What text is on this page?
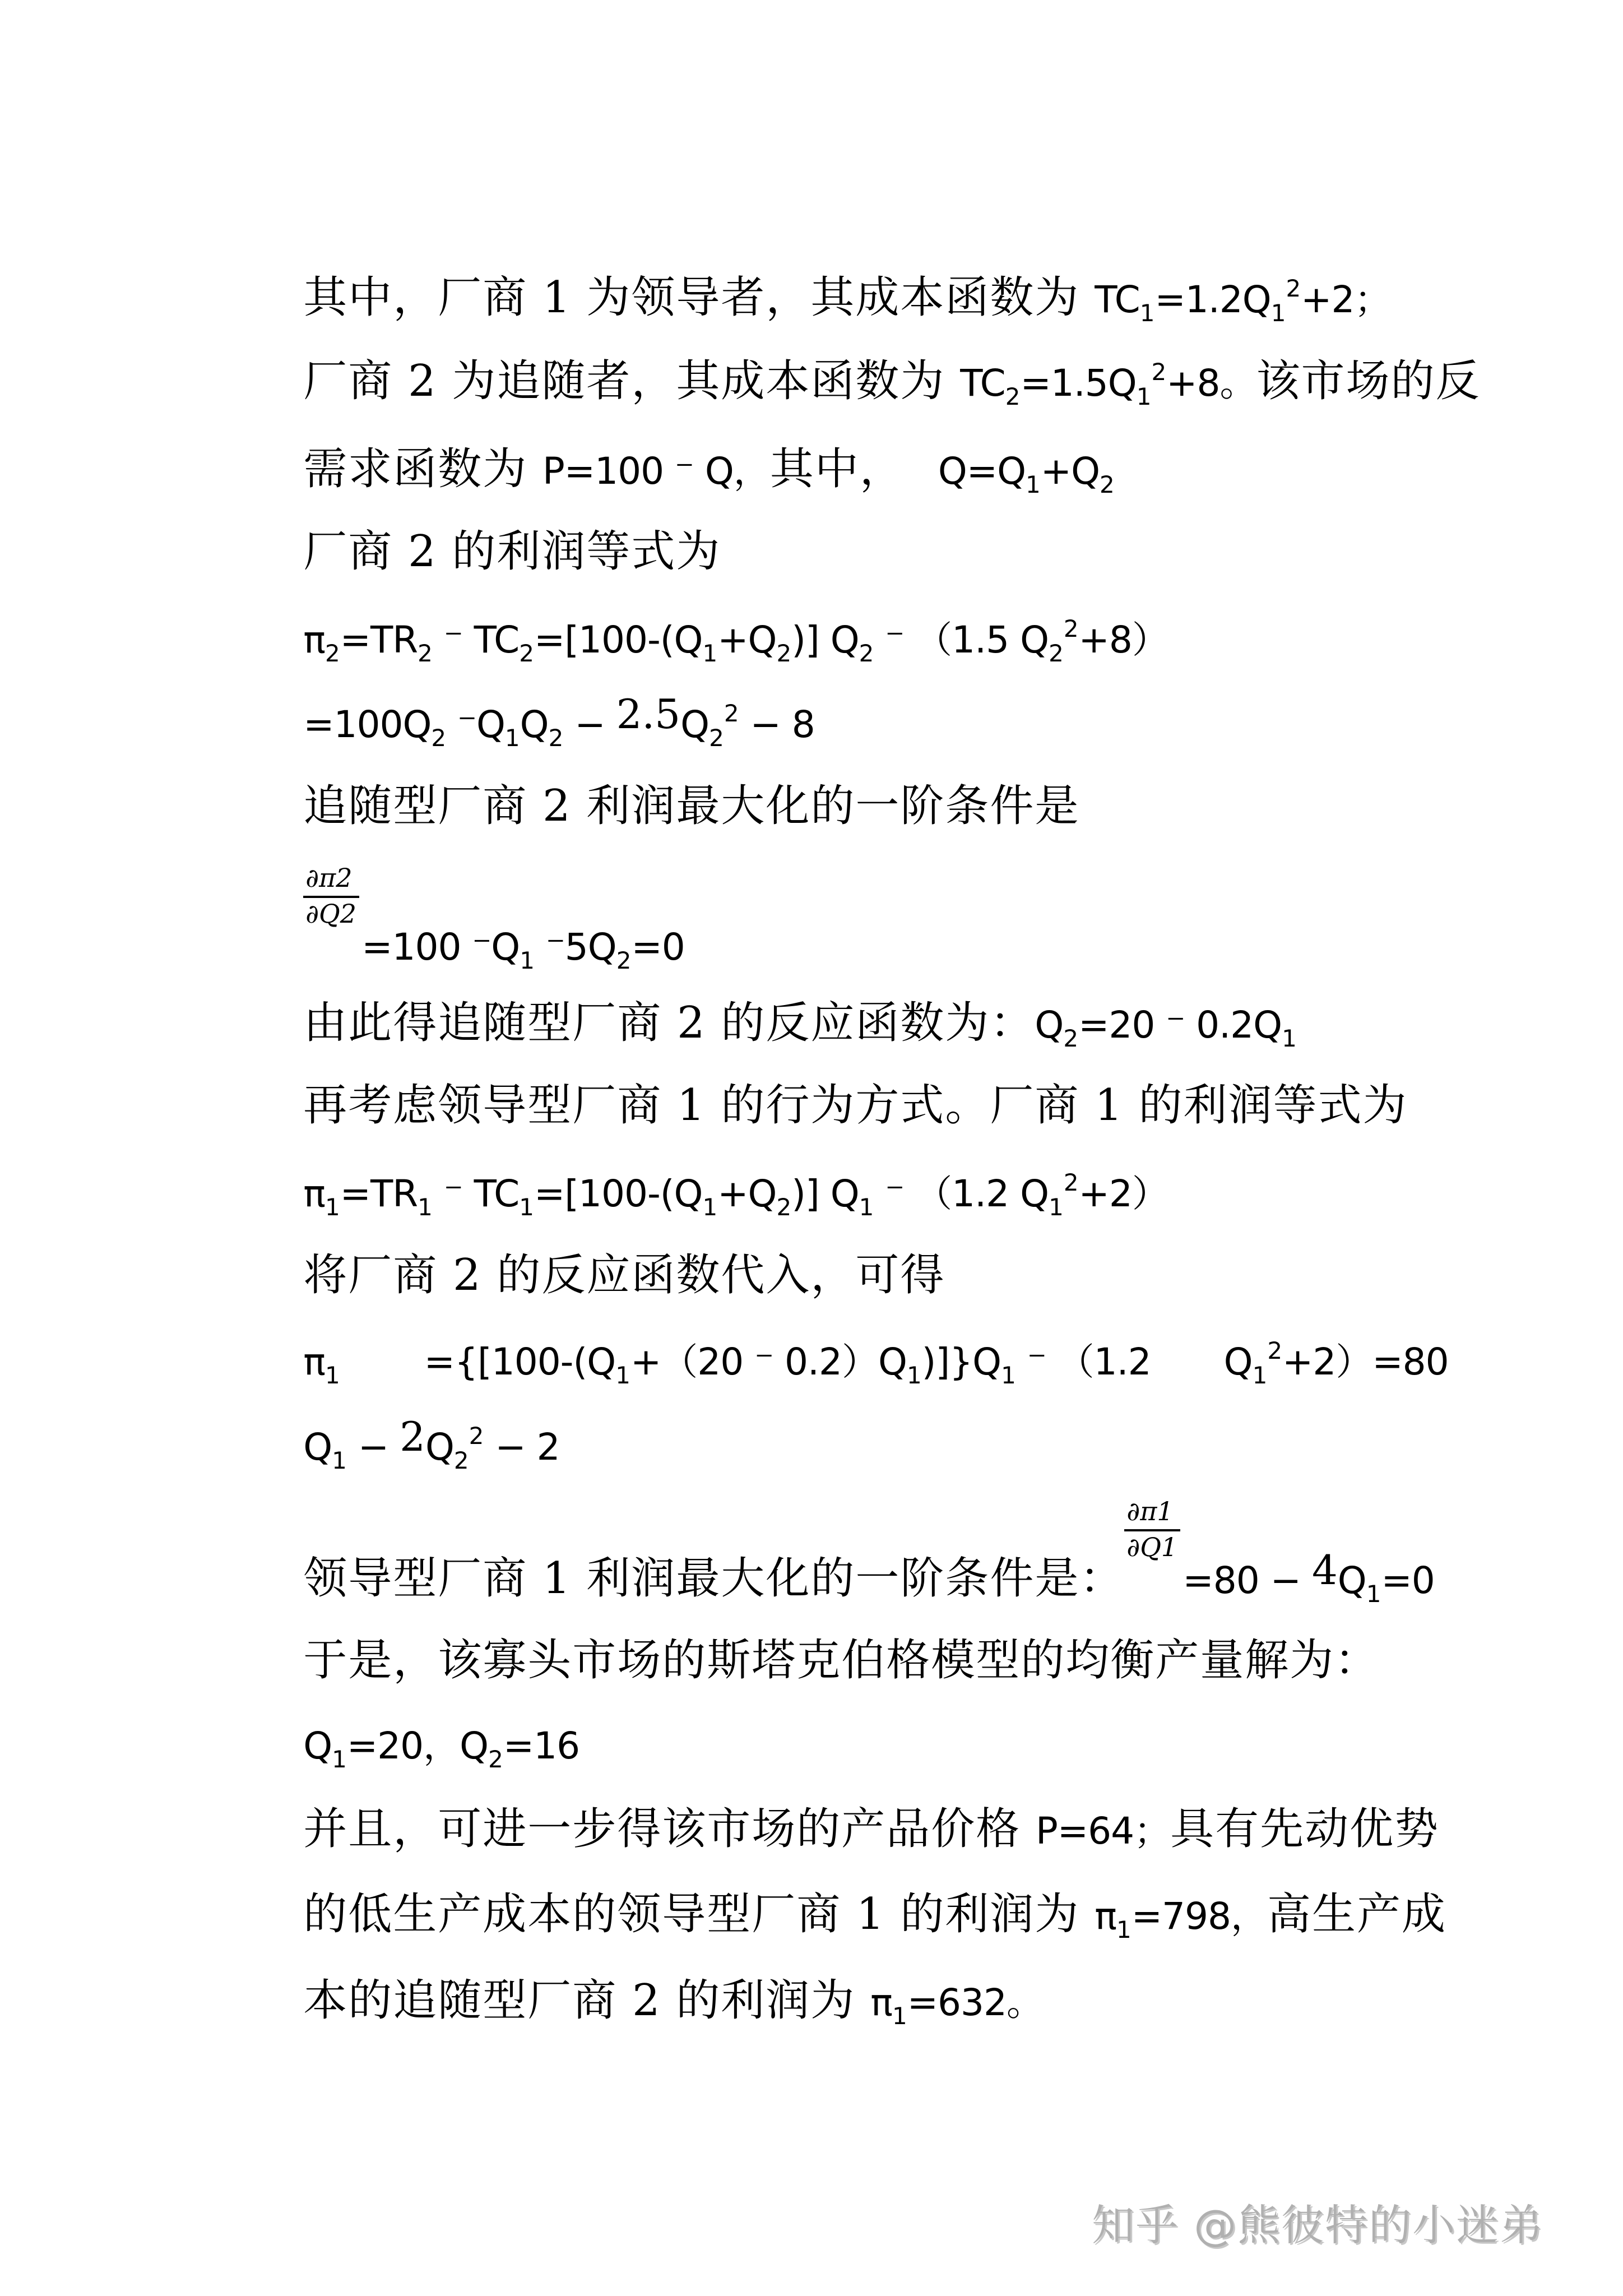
其中，厂商 1 为领导者，其成本函数为 $TC_1=1.2Q_1^2+2$；

厂商 2 为追随者，其成本函数为 $TC_2=1.5Q_1^2+8$。该市场的反

需求函数为 P=100 ⁻ Q，其中， $Q=Q_1+Q_2$

厂商 2 的利润等式为

$\pi_2=TR_2$ ⁻ $TC_2=[100-(Q_1+Q_2)]$ $Q_2$ ⁻ （1.5 $Q_2^2+8$）

$=100Q_2$ $^-Q_1Q_2 - 2.5Q_2^2 - 8$

追随型厂商 2 利润最大化的一阶条件是

$\frac{\partial\pi 2}{\partial Q2} =100$ $^-Q_1$ $^-5Q_2=0$

由此得追随型厂商 2 的反应函数为：$Q_2=20$ ⁻ $0.2Q_1$

再考虑领导型厂商 1 的行为方式。厂商 1 的利润等式为

$\pi_1=TR_1$ ⁻ $TC_1=[100-(Q_1+Q_2)]$ $Q_1$ ⁻ （1.2 $Q_1^2+2$）

将厂商 2 的反应函数代入，可得

$\pi_1 =\{[100-(Q_1+(20$ ⁻ $0.2)Q_1)]\}Q_1$ ⁻ （1.2 $Q_1^2+2)=80$

$Q_1 - 2Q_2^2 - 2$

领导型厂商 1 利润最大化的一阶条件是： $\frac{\partial\pi 1}{\partial Q1} =80 - 4Q_1=0$

于是，该寡头市场的斯塔克伯格模型的均衡产量解为：

$Q_1=20$，$Q_2=16$

并且，可进一步得该市场的产品价格 P=64；具有先动优势

的低生产成本的领导型厂商 1 的利润为 $\pi_1=798$，高生产成

本的追随型厂商 2 的利润为 $\pi_1=632$。

知乎 @熊彼特的小迷弟
